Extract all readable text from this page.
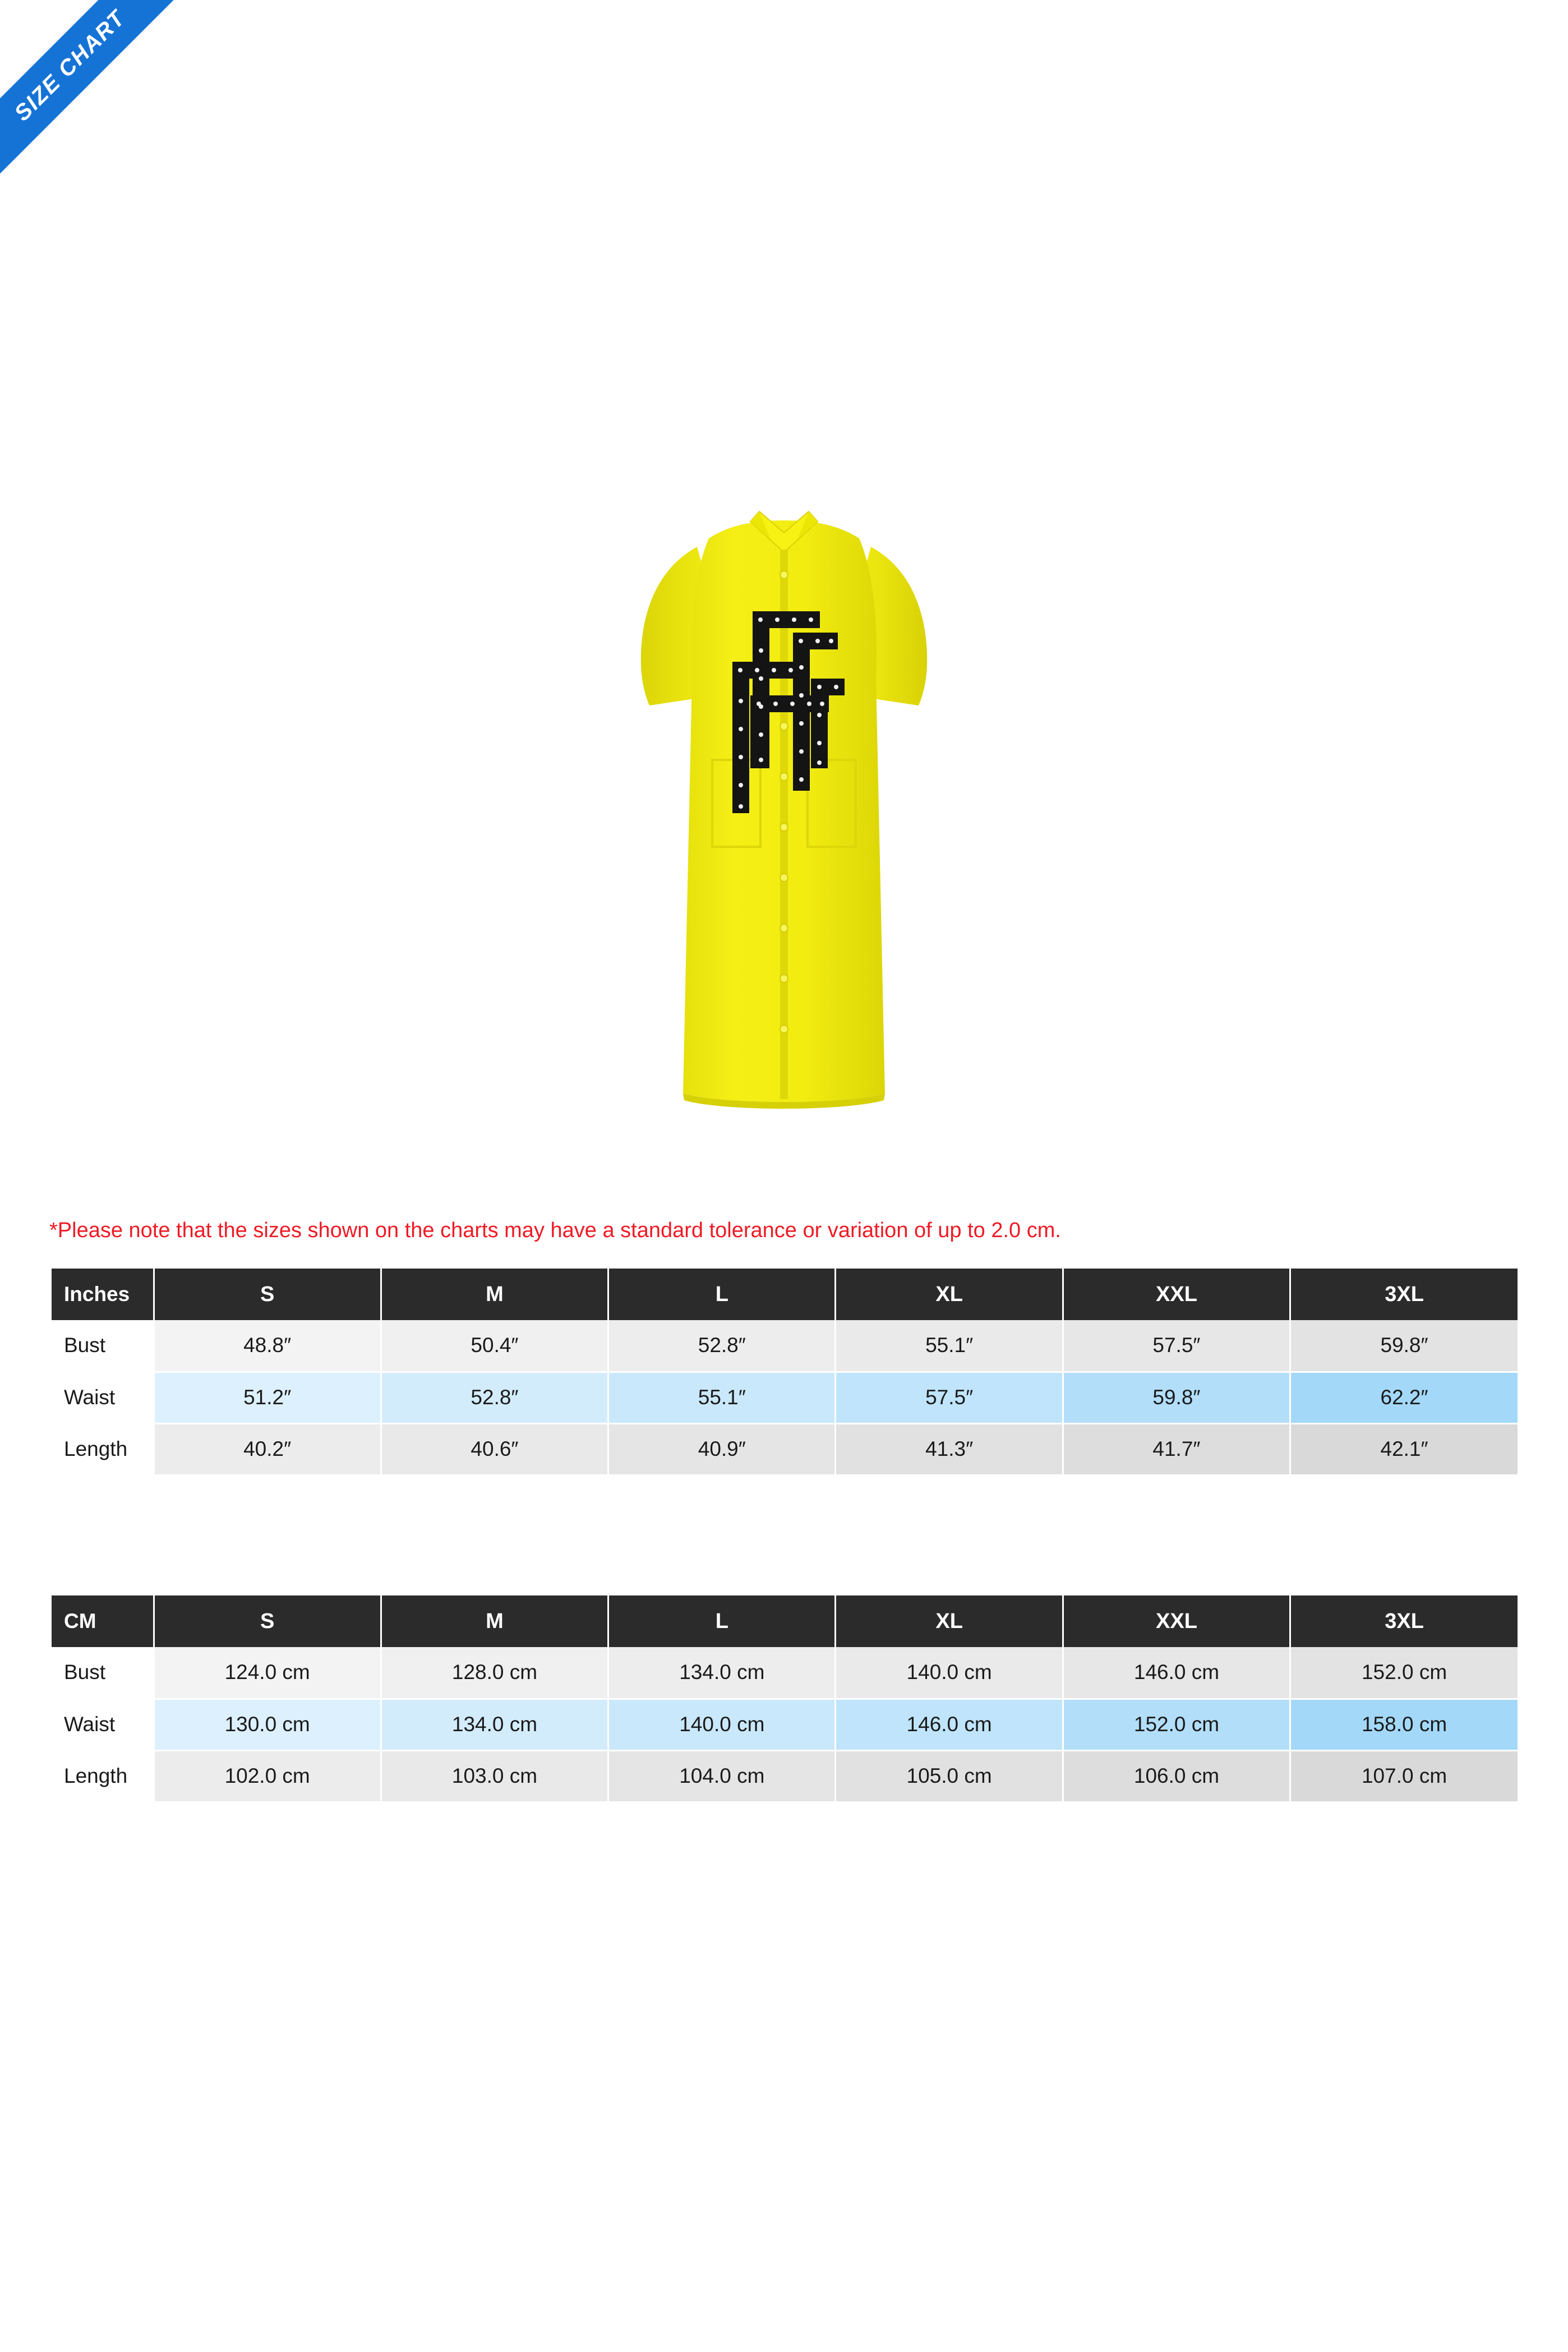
SIZE CHART

*Please note that the sizes shown on the charts may have a standard tolerance or variation of up to 2.0 cm.

Inches	S	M	L	XL	XXL	3XL
Bust	48.8″	50.4″	52.8″	55.1″	57.5″	59.8″
Waist	51.2″	52.8″	55.1″	57.5″	59.8″	62.2″
Length	40.2″	40.6″	40.9″	41.3″	41.7″	42.1″
CM	S	M	L	XL	XXL	3XL
Bust	124.0 cm	128.0 cm	134.0 cm	140.0 cm	146.0 cm	152.0 cm
Waist	130.0 cm	134.0 cm	140.0 cm	146.0 cm	152.0 cm	158.0 cm
Length	102.0 cm	103.0 cm	104.0 cm	105.0 cm	106.0 cm	107.0 cm
